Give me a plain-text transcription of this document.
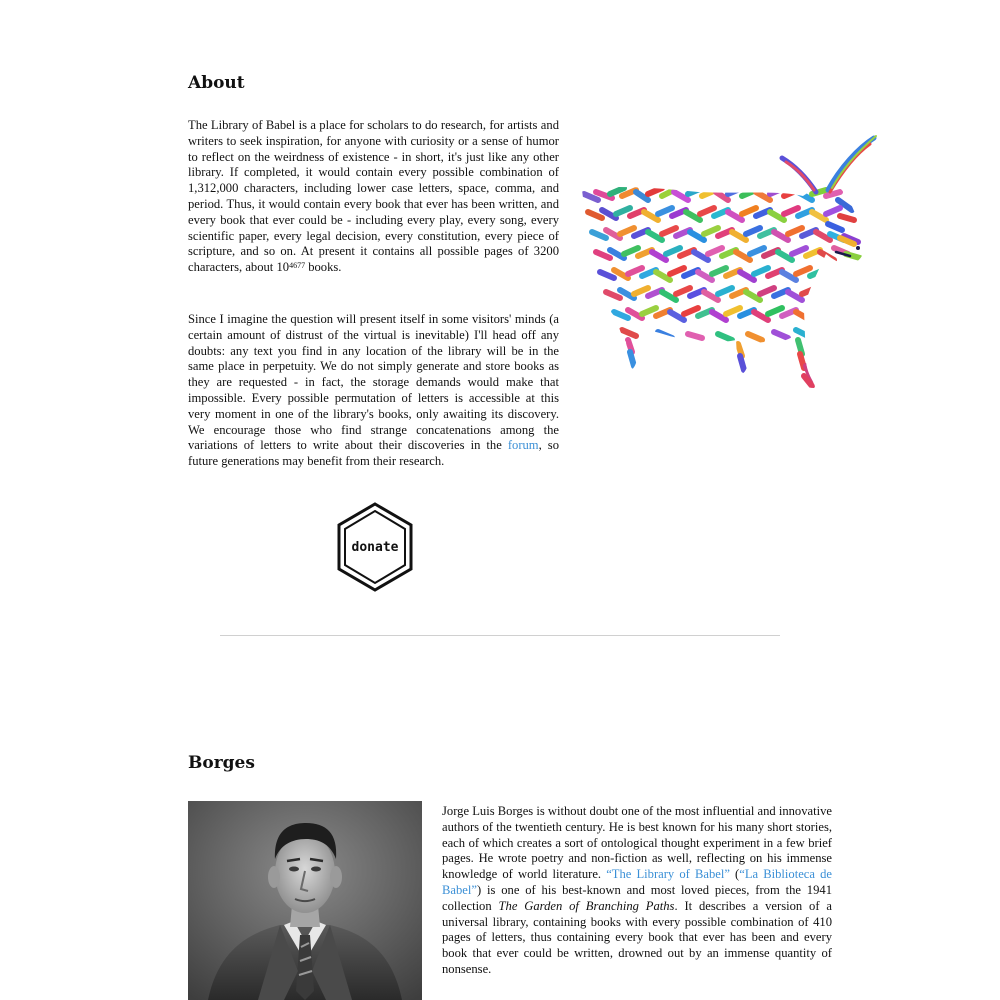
About

The Library of Babel is a place for scholars to do research, for artists and writers to seek inspiration, for anyone with curiosity or a sense of humor to reflect on the weirdness of existence - in short, it's just like any other library. If completed, it would contain every possible combination of 1,312,000 characters, including lower case letters, space, comma, and period. Thus, it would contain every book that ever has been written, and every book that ever could be - including every play, every song, every scientific paper, every legal decision, every constitution, every piece of scripture, and so on. At present it contains all possible pages of 3200 characters, about $10^{4677}$ books.

Since I imagine the question will present itself in some visitors' minds (a certain amount of distrust of the virtual is inevitable) I'll head off any doubts: any text you find in any location of the library will be in the same place in perpetuity. We do not simply generate and store books as they are requested - in fact, the storage demands would make that impossible. Every possible permutation of letters is accessible at this very moment in one of the library's books, only awaiting its discovery. We encourage those who find strange concatenations among the variations of letters to write about their discoveries in the forum, so future generations may benefit from their research.

donate
Borges

Jorge Luis Borges is without doubt one of the most influential and innovative authors of the twentieth century. He is best known for his many short stories, each of which creates a sort of ontological thought experiment in a few brief pages. He wrote poetry and non-fiction as well, reflecting on his immense knowledge of world literature. “The Library of Babel” (“La Biblioteca de Babel”) is one of his best-known and most loved pieces, from the 1941 collection The Garden of Branching Paths. It describes a version of a universal library, containing books with every possible combination of 410 pages of letters, thus containing every book that ever has been and every book that ever could be written, drowned out by an immense quantity of nonsense.
